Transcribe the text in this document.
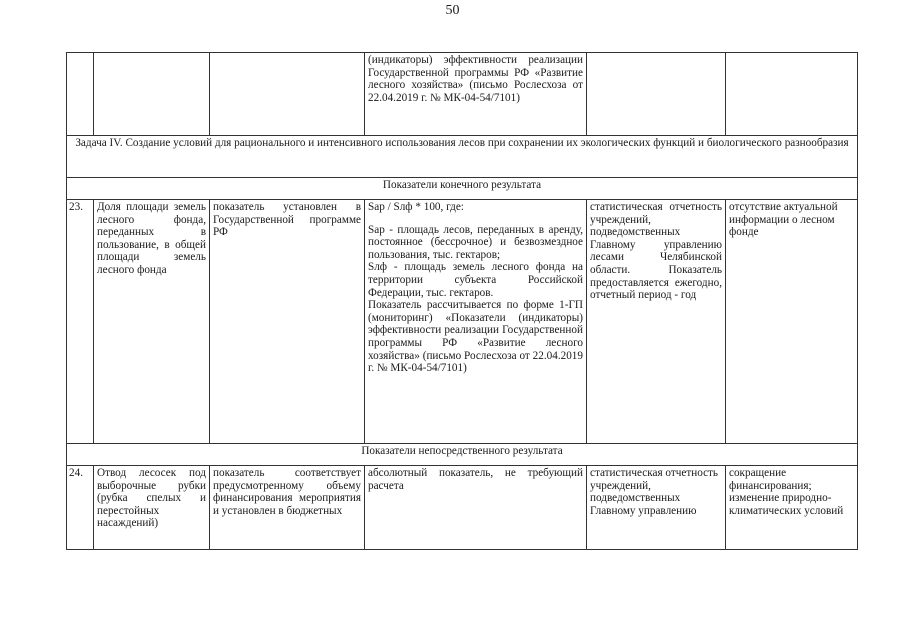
50
			(индикаторы) эффективности реализации Государственной программы РФ «Развитие лесного хозяйства» (письмо Рослесхоза от 22.04.2019 г. № МК-04-54/7101)		
Задача IV. Создание условий для рационального и интенсивного использования лесов при сохранении их экологических функций и биологического разнообразия					
Показатели конечного результата					
23.	Доля площади земель лесного фонда, переданных в пользование, в общей площади земель лесного фонда	показатель установлен в Государственной программе РФ	Sap / Sлф * 100, где:

Sap - площадь лесов, переданных в аренду, постоянное (бессрочное) и безвозмездное пользования, тыс. гектаров;

Sлф - площадь земель лесного фонда на территории субъекта Российской Федерации, тыс. гектаров.

Показатель рассчитывается по форме 1-ГП (мониторинг) «Показатели (индикаторы) эффективности реализации Государственной программы РФ «Развитие лесного хозяйства» (письмо Рослесхоза от 22.04.2019 г. № МК-04-54/7101)	статистическая отчетность учреждений, подведомственных Главному управлению лесами Челябинской области. Показатель предоставляется ежегодно, отчетный период - год	отсутствие актуальной информации о лесном фонде
Показатели непосредственного результата					
24.	Отвод лесосек под выборочные рубки (рубка спелых и перестойных насаждений)	показатель соответствует предусмотренному объему финансирования мероприятия и установлен в бюджетных	абсолютный показатель, не требующий расчета	статистическая отчетность учреждений, подведомственных Главному управлению	сокращение финансирования; изменение природно-климатических условий
